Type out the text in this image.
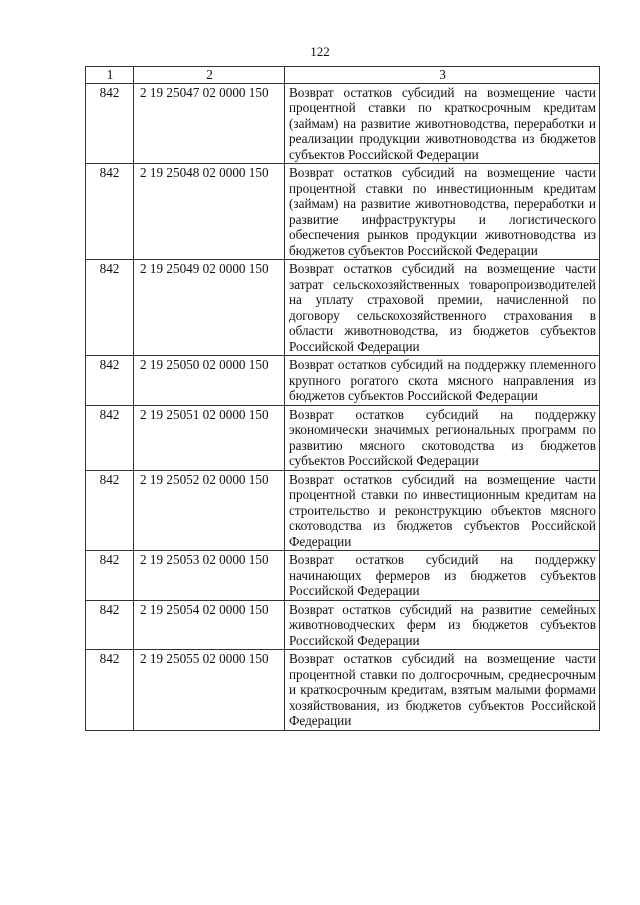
122
1	2	3
842	2 19 25047 02 0000 150	Возврат остатков субсидий на возмещение части процентной ставки по краткосрочным кредитам (займам) на развитие животноводства, переработки и реализации продукции животноводства из бюджетов субъектов Российской Федерации
842	2 19 25048 02 0000 150	Возврат остатков субсидий на возмещение части процентной ставки по инвестиционным кредитам (займам) на развитие животноводства, переработки и развитие инфраструктуры и логистического обеспечения рынков продукции животноводства из бюджетов субъектов Российской Федерации
842	2 19 25049 02 0000 150	Возврат остатков субсидий на возмещение части затрат сельскохозяйственных товаропроизводителей на уплату страховой премии, начисленной по договору сельскохозяйственного страхования в области животноводства, из бюджетов субъектов Российской Федерации
842	2 19 25050 02 0000 150	Возврат остатков субсидий на поддержку племенного крупного рогатого скота мясного направления из бюджетов субъектов Российской Федерации
842	2 19 25051 02 0000 150	Возврат остатков субсидий на поддержку экономически значимых региональных программ по развитию мясного скотоводства из бюджетов субъектов Российской Федерации
842	2 19 25052 02 0000 150	Возврат остатков субсидий на возмещение части процентной ставки по инвестиционным кредитам на строительство и реконструкцию объектов мясного скотоводства из бюджетов субъектов Российской Федерации
842	2 19 25053 02 0000 150	Возврат остатков субсидий на поддержку начинающих фермеров из бюджетов субъектов Российской Федерации
842	2 19 25054 02 0000 150	Возврат остатков субсидий на развитие семейных животноводческих ферм из бюджетов субъектов Российской Федерации
842	2 19 25055 02 0000 150	Возврат остатков субсидий на возмещение части процентной ставки по долгосрочным, среднесрочным и краткосрочным кредитам, взятым малыми формами хозяйствования, из бюджетов субъектов Российской Федерации
